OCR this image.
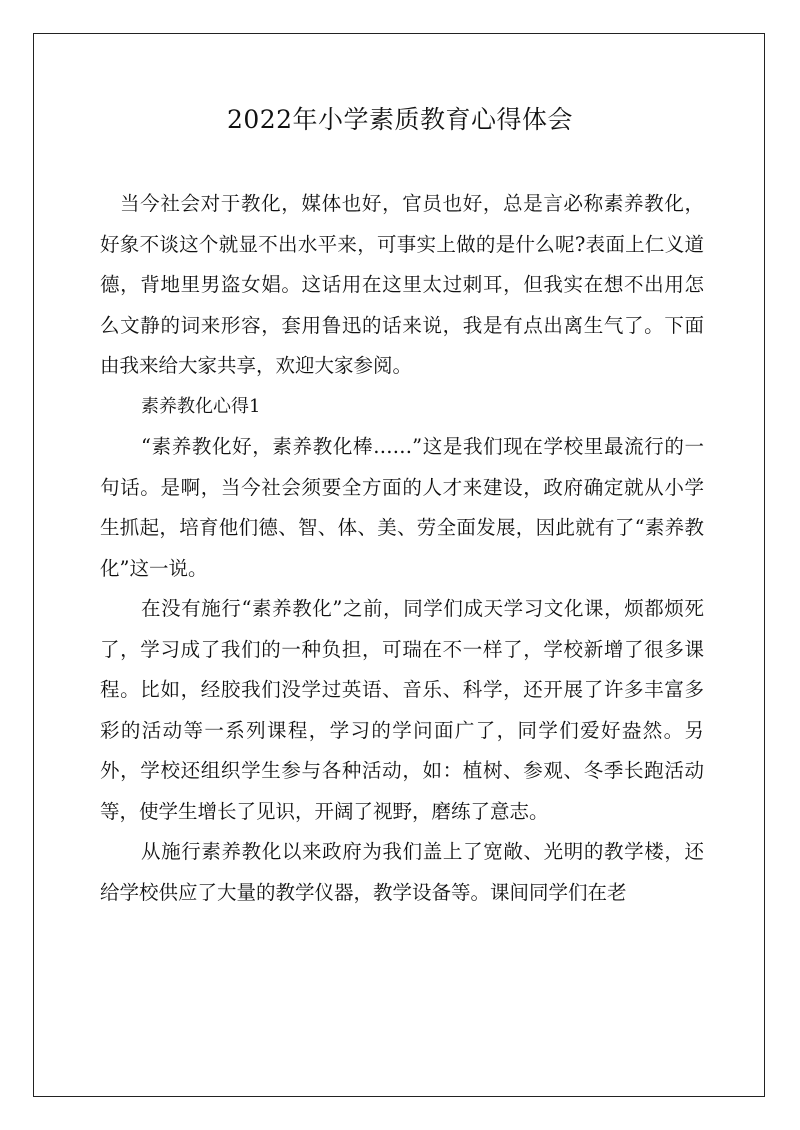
2022年小学素质教育心得体会

当今社会对于教化，媒体也好，官员也好，总是言必称素养教化，好象不谈这个就显不出水平来，可事实上做的是什么呢?表面上仁义道德，背地里男盗女娼。这话用在这里太过刺耳，但我实在想不出用怎么文静的词来形容，套用鲁迅的话来说，我是有点出离生气了。下面由我来给大家共享，欢迎大家参阅。

素养教化心得1

“素养教化好，素养教化棒……”这是我们现在学校里最流行的一句话。是啊，当今社会须要全方面的人才来建设，政府确定就从小学生抓起，培育他们德、智、体、美、劳全面发展，因此就有了“素养教化”这一说。

在没有施行“素养教化”之前，同学们成天学习文化课，烦都烦死了，学习成了我们的一种负担，可瑞在不一样了，学校新增了很多课程。比如，经胶我们没学过英语、音乐、科学，还开展了许多丰富多彩的活动等一系列课程，学习的学问面广了，同学们爱好盎然。另外，学校还组织学生参与各种活动，如：植树、参观、冬季长跑活动等，使学生增长了见识，开阔了视野，磨练了意志。

从施行素养教化以来政府为我们盖上了宽敞、光明的教学楼，还给学校供应了大量的教学仪器，教学设备等。课间同学们在老
